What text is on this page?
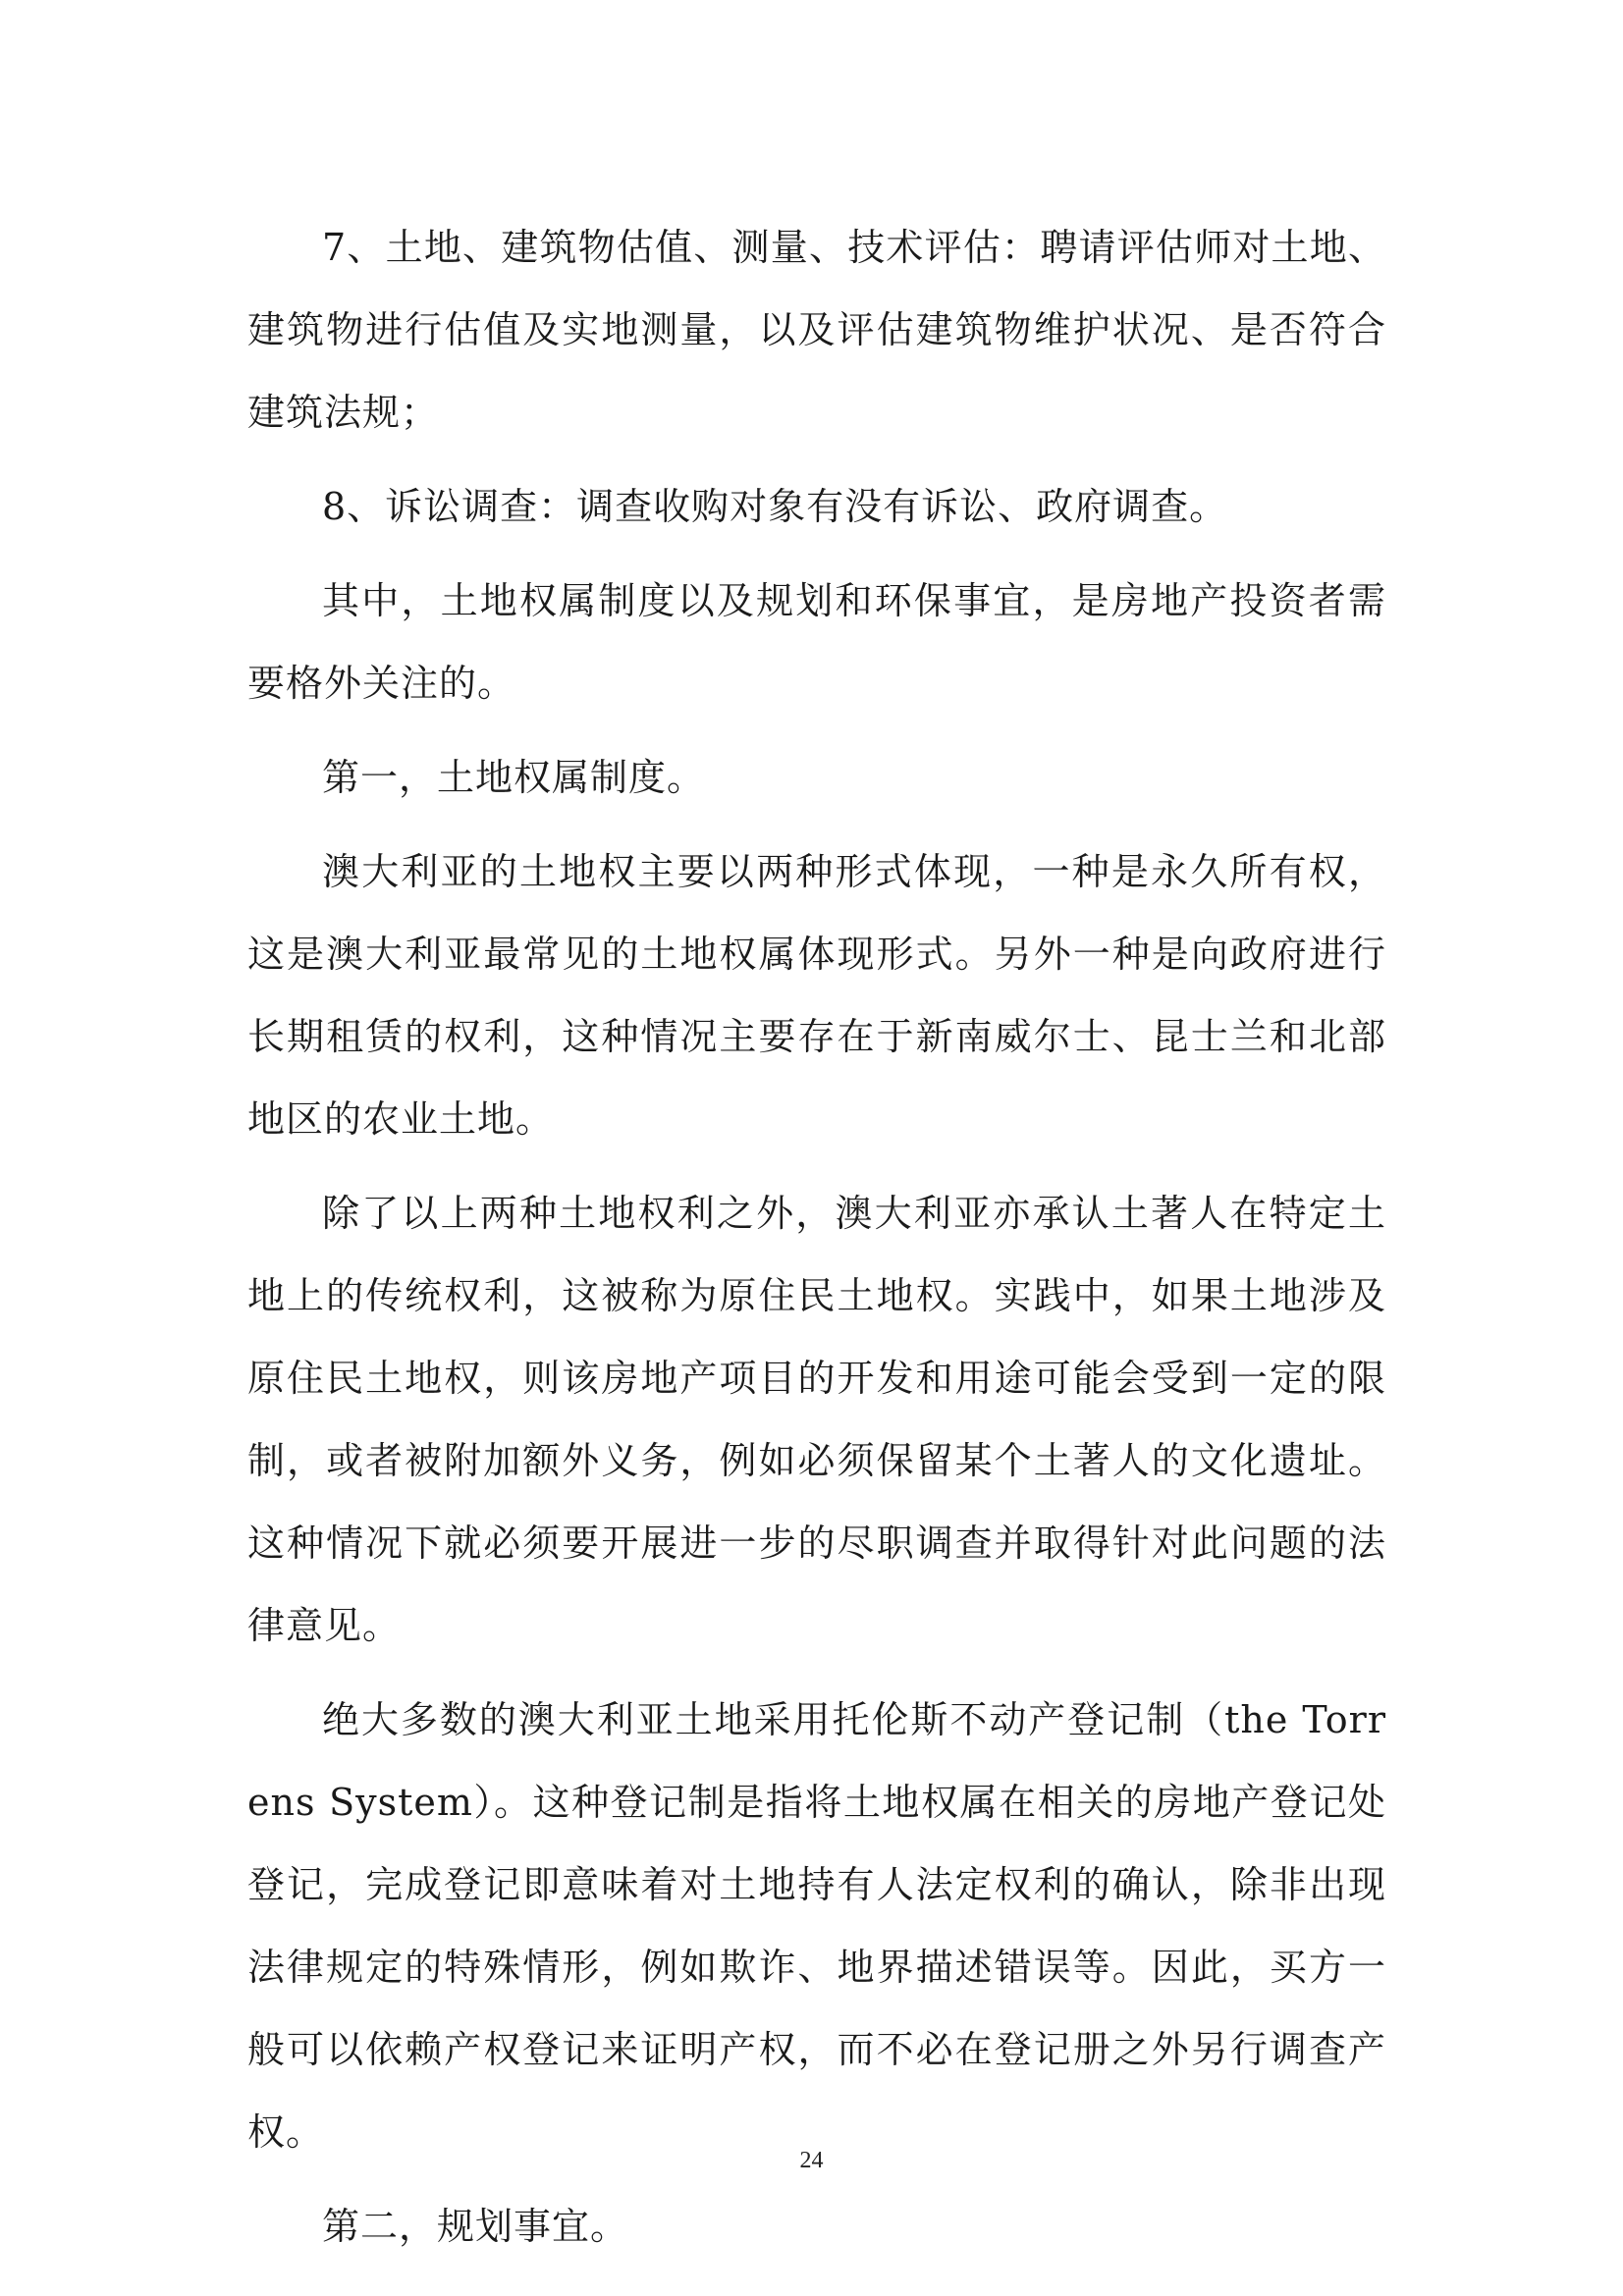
7、土地、建筑物估值、测量、技术评估：聘请评估师对土地、建筑物进行估值及实地测量，以及评估建筑物维护状况、是否符合建筑法规；

8、诉讼调查：调查收购对象有没有诉讼、政府调查。

其中，土地权属制度以及规划和环保事宜，是房地产投资者需要格外关注的。

第一，土地权属制度。

澳大利亚的土地权主要以两种形式体现，一种是永久所有权，这是澳大利亚最常见的土地权属体现形式。另外一种是向政府进行长期租赁的权利，这种情况主要存在于新南威尔士、昆士兰和北部地区的农业土地。

除了以上两种土地权利之外，澳大利亚亦承认土著人在特定土地上的传统权利，这被称为原住民土地权。实践中，如果土地涉及原住民土地权，则该房地产项目的开发和用途可能会受到一定的限制，或者被附加额外义务，例如必须保留某个土著人的文化遗址。这种情况下就必须要开展进一步的尽职调查并取得针对此问题的法律意见。

绝大多数的澳大利亚土地采用托伦斯不动产登记制（the Torrens System）。这种登记制是指将土地权属在相关的房地产登记处登记，完成登记即意味着对土地持有人法定权利的确认，除非出现法律规定的特殊情形，例如欺诈、地界描述错误等。因此，买方一般可以依赖产权登记来证明产权，而不必在登记册之外另行调查产权。

第二，规划事宜。

24
